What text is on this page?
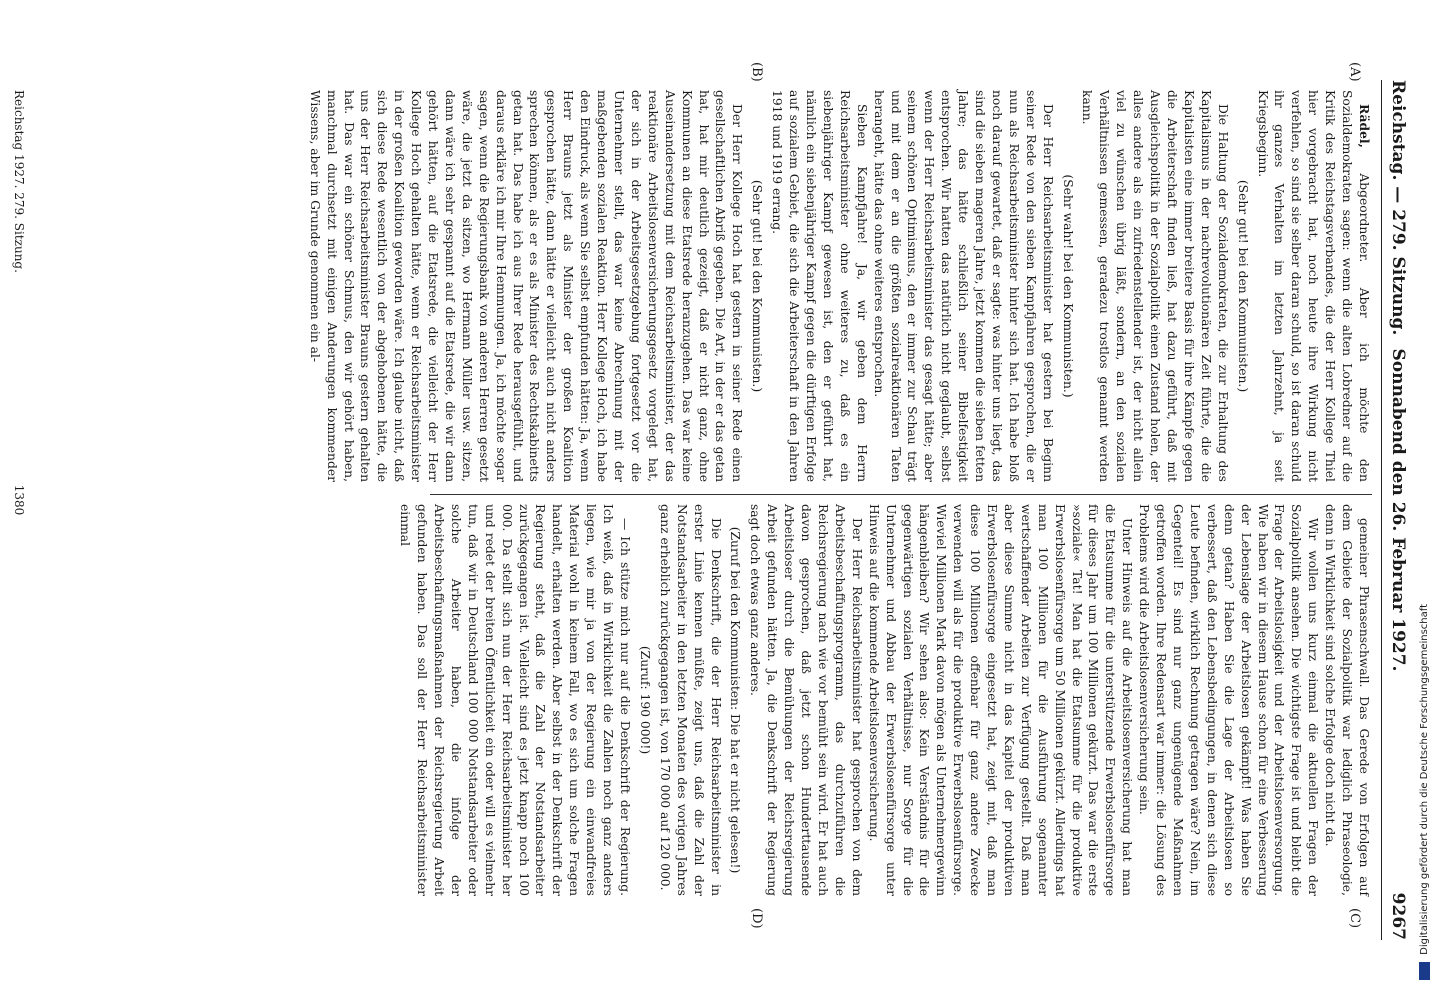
Reichstag. — 279. Sitzung.
Sonnabend den 26. Februar 1927.
9267
(A)
(B)
(C)
(D)

Rädel, Abgeordneter. Aber ich möchte den Sozialdemokraten sagen: wenn die alten Lobredner auf die Kritik des Reichstagsverbandes, die der Herr Kollege Thiel hier vorgebracht hat, noch heute ihre Wirkung nicht verfehlen, so sind sie selber daran schuld, so ist daran schuld ihr ganzes Verhalten im letzten Jahrzehnt, ja seit Kriegsbeginn.

(Sehr gut! bei den Kommunisten.)

Die Haltung der Sozialdemokraten, die zur Erhaltung des Kapitalismus in der nachrevolutionären Zeit führte, die die Kapitalisten eine immer breitere Basis für ihre Kämpfe gegen die Arbeiterschaft finden ließ, hat dazu geführt, daß mit Ausgleichspolitik in der Sozialpolitik einen Zustand holen, der alles andere als ein zufriedenstellender ist, der nicht allein viel zu wünschen übrig läßt, sondern, an den sozialen Verhältnissen gemessen, geradezu trostlos genannt werden kann.

(Sehr wahr! bei den Kommunisten.)

Der Herr Reichsarbeitsminister hat gestern bei Beginn seiner Rede von den sieben Kampfjahren gesprochen, die er nun als Reichsarbeitsminister hinter sich hat. Ich habe bloß noch darauf gewartet, daß er sagte: was hinter uns liegt, das sind die sieben mageren Jahre, jetzt kommen die sieben fetten Jahre; das hätte schließlich seiner Bibelfestigkeit entsprochen. Wir hatten das natürlich nicht geglaubt, selbst wenn der Herr Reichsarbeitsminister das gesagt hätte; aber seinem schönen Optimismus, den er immer zur Schau trägt und mit dem er an die größten sozialreaktionären Taten herangeht, hätte das ohne weiteres entsprochen.

Sieben Kampfjahre! Ja, wir geben dem Herrn Reichsarbeitsminister ohne weiteres zu, daß es ein siebenjähriger Kampf gewesen ist, den er geführt hat, nämlich ein siebenjähriger Kampf gegen die dürftigen Erfolge auf sozialem Gebiet, die sich die Arbeiterschaft in den Jahren 1918 und 1919 errang.

(Sehr gut! bei den Kommunisten.)

Der Herr Kollege Hoch hat gestern in seiner Rede einen gesellschaftlichen Abriß gegeben. Die Art, in der er das getan hat, hat mir deutlich gezeigt, daß er nicht ganz, ohne Kommunen an diese Etatsrede heranzugehen. Das war keine Auseinandersetzung mit dem Reichsarbeitsminister, der das reaktionäre Arbeitslosenversicherungsgesetz vorgelegt hat, der sich in der Arbeitsgesetzgebung fortgesetzt vor die Unternehmer stellt, das war keine Abrechnung mit der maßgebenden sozialen Reaktion. Herr Kollege Hoch, ich habe den Eindruck, als wenn Sie selbst empfunden hätten: Ja, wenn Herr Brauns jetzt als Minister der großen Koalition gesprochen hätte, dann hätte er vielleicht auch nicht anders sprechen können, als er es als Minister des Rechtskabinetts getan hat. Das habe ich aus Ihrer Rede herausgefühlt, und daraus erkläre ich mir Ihre Hemmungen. Ja, ich möchte sogar sagen, wenn die Regierungsbank von anderen Herren gesetzt wäre, die jetzt da sitzen, wo Hermann Müller usw. sitzen, dann wäre ich sehr gespannt auf die Etatsrede, die wir dann gehört hätten, auf die Etatsrede, die vielleicht der Herr Kollege Hoch gehalten hätte, wenn er Reichsarbeitsminister in der großen Koalition geworden wäre. Ich glaube nicht, daß sich diese Rede wesentlich von der abgehobenen hätte, die uns der Herr Reichsarbeitsminister Brauns gestern gehalten hat. Das war ein schöner Schmus, den wir gehört haben, manchmal durchsetzt mit einigen Anderungen kommender Wissens, aber im Grunde genommen ein al-

gemeiner Phrasenschwall. Das Gerede von Erfolgen auf dem Gebiete der Sozialpolitik war lediglich Phraseologie, denn in Wirklichkeit sind solche Erfolge doch nicht da.

Wir wollen uns kurz einmal die aktuellen Fragen der Sozialpolitik ansehen. Die wichtigste Frage ist und bleibt die Frage der Arbeitslosigkeit und der Arbeitslosenversorgung. Wie haben wir in diesem Hause schon für eine Verbesserung der Lebenslage der Arbeitslosen gekämpft! Was haben Sie denn getan? Haben Sie die Lage der Arbeitslosen so verbessert, daß den Lebensbedingungen, in denen sich diese Leute befinden, wirklich Rechnung getragen wäre? Nein, im Gegenteil! Es sind nur ganz ungenügende Maßnahmen getroffen worden. Ihre Redensart war immer: die Lösung des Problems wird die Arbeitslosenversicherung sein.

Unter Hinweis auf die Arbeitslosenversicherung hat man die Etatsumme für die unterstützende Erwerbslosenfürsorge für dieses Jahr um 100 Millionen gekürzt. Das war die erste »soziale« Tat! Man hat die Etatsumme für die produktive Erwerbslosenfürsorge um 50 Millionen gekürzt. Allerdings hat man 100 Millionen für die Ausführung sogenannter wertschaffender Arbeiten zur Verfügung gestellt. Daß man aber diese Summe nicht in das Kapitel der produktiven Erwerbslosenfürsorge eingesetzt hat, zeigt mit, daß man diese 100 Millionen offenbar für ganz andere Zwecke verwenden will als für die produktive Erwerbslosenfürsorge. Wieviel Millionen Mark davon mögen als Unternehmergewinn hängenbleiben? Wir sehen also: Kein Verständnis für die gegenwärtigen sozialen Verhältnisse, nur Sorge für die Unternehmer und Abbau der Erwerbslosenfürsorge unter Hinweis auf die kommende Arbeitslosenversicherung.

Der Herr Reichsarbeitsminister hat gesprochen von dem Arbeitsbeschaffungsprogramm, das durchzuführen die Reichsregierung nach wie vor bemüht sein wird. Er hat auch davon gesprochen, daß jetzt schon Hunderttausende Arbeitsloser durch die Bemühungen der Reichsregierung Arbeit gefunden hätten. Ja, die Denkschrift der Regierung sagt doch etwas ganz anderes.

(Zuruf bei den Kommunisten: Die hat er nicht gelesen!)

Die Denkschrift, die der Herr Reichsarbeitsminister in erster Linie kennen müßte, zeigt uns, daß die Zahl der Notstandsarbeiter in den letzten Monaten des vorigen Jahres ganz erheblich zurückgegangen ist, von 170 000 auf 120 000.

(Zuruf: 190 000!)

— Ich stütze mich nur auf die Denkschrift der Regierung. Ich weiß, daß in Wirklichkeit die Zahlen noch ganz anders liegen, wie mir ja von der Regierung ein einwandfreies Material wohl in keinem Fall, wo es sich um solche Fragen handelt, erhalten werden. Aber selbst in der Denkschrift der Regierung steht, daß die Zahl der Notstandsarbeiter zurückgegangen ist. Vielleicht sind es jetzt knapp noch 100 000. Da stellt sich nun der Herr Reichsarbeitsminister her und redet der breiten Öffentlichkeit ein oder will es vielmehr tun, daß wir in Deutschland 100 000 Notstandsarbeiter oder solche Arbeiter haben, die infolge der Arbeitsbeschaffungsmaßnahmen der Reichsregierung Arbeit gefunden haben. Das soll der Herr Reichsarbeitsminister einmal

Reichstag 1927. 279. Sitzung.
1380
Digitalisierung gefördert durch die Deutsche Forschungsgemeinschaft
